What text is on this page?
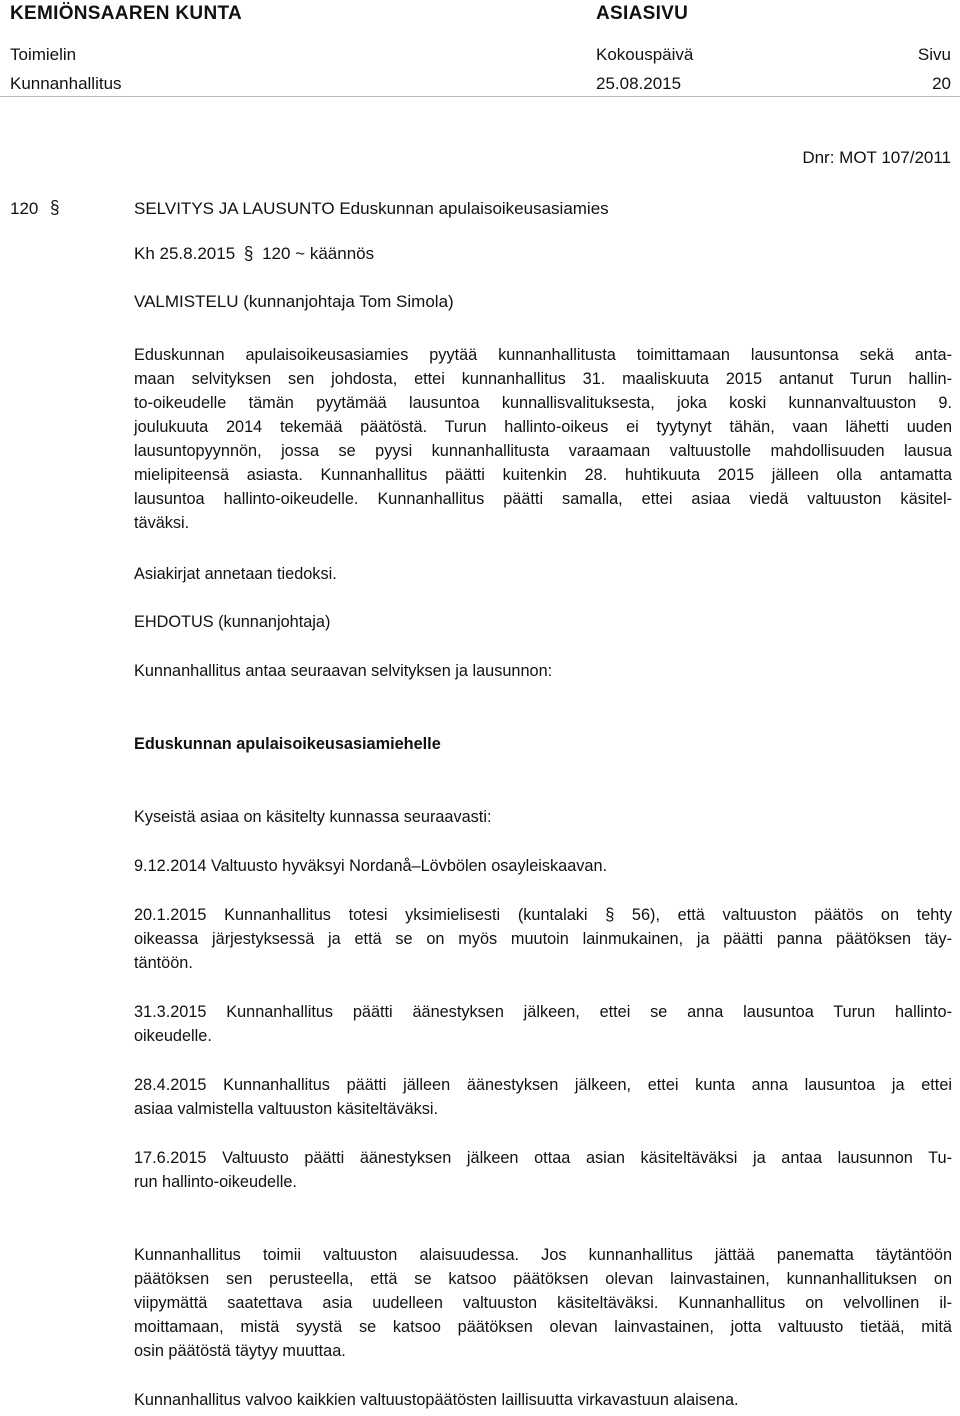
KEMIÖNSAAREN KUNTA	ASIASIVU
Toimielin
Kunnanhallitus
Kokouspäivä
25.08.2015
Sivu
20
Dnr: MOT 107/2011
120 §	SELVITYS JA LAUSUNTO Eduskunnan apulaisoikeusasiamies
Kh 25.8.2015 § 120 ~ käännös
VALMISTELU (kunnanjohtaja Tom Simola)
Eduskunnan apulaisoikeusasiamies pyytää kunnanhallitusta toimittamaan lausuntonsa sekä anta-
maan selvityksen sen johdosta, ettei kunnanhallitus 31. maaliskuuta 2015 antanut Turun hallin-
to-oikeudelle tämän pyytämää lausuntoa kunnallisvalituksesta, joka koski kunnanvaltuuston 9.
joulukuuta 2014 tekemää päätöstä. Turun hallinto-oikeus ei tyytynyt tähän, vaan lähetti uuden
lausuntopyynnön, jossa se pyysi kunnanhallitusta varaamaan valtuustolle mahdollisuuden lausua
mielipiteensä asiasta. Kunnanhallitus päätti kuitenkin 28. huhtikuuta 2015 jälleen olla antamatta
lausuntoa hallinto-oikeudelle. Kunnanhallitus päätti samalla, ettei asiaa viedä valtuuston käsitel-
täväksi.
Asiakirjat annetaan tiedoksi.
EHDOTUS (kunnanjohtaja)
Kunnanhallitus antaa seuraavan selvityksen ja lausunnon:
Eduskunnan apulaisoikeusasiamiehelle
Kyseistä asiaa on käsitelty kunnassa seuraavasti:
9.12.2014 Valtuusto hyväksyi Nordanå–Lövbölen osayleiskaavan.
20.1.2015 Kunnanhallitus totesi yksimielisesti (kuntalaki § 56), että valtuuston päätös on tehty
oikeassa järjestyksessä ja että se on myös muutoin lainmukainen, ja päätti panna päätöksen täy-
täntöön.
31.3.2015 Kunnanhallitus päätti äänestyksen jälkeen, ettei se anna lausuntoa Turun hallinto-
oikeudelle.
28.4.2015 Kunnanhallitus päätti jälleen äänestyksen jälkeen, ettei kunta anna lausuntoa ja ettei
asiaa valmistella valtuuston käsiteltäväksi.
17.6.2015 Valtuusto päätti äänestyksen jälkeen ottaa asian käsiteltäväksi ja antaa lausunnon Tu-
run hallinto-oikeudelle.
Kunnanhallitus toimii valtuuston alaisuudessa. Jos kunnanhallitus jättää panematta täytäntöön
päätöksen sen perusteella, että se katsoo päätöksen olevan lainvastainen, kunnanhallituksen on
viipymättä saatettava asia uudelleen valtuuston käsiteltäväksi. Kunnanhallitus on velvollinen il-
moittamaan, mistä syystä se katsoo päätöksen olevan lainvastainen, jotta valtuusto tietää, mitä
osin päätöstä täytyy muuttaa.
Kunnanhallitus valvoo kaikkien valtuustopäätösten laillisuutta virkavastuun alaisena.
